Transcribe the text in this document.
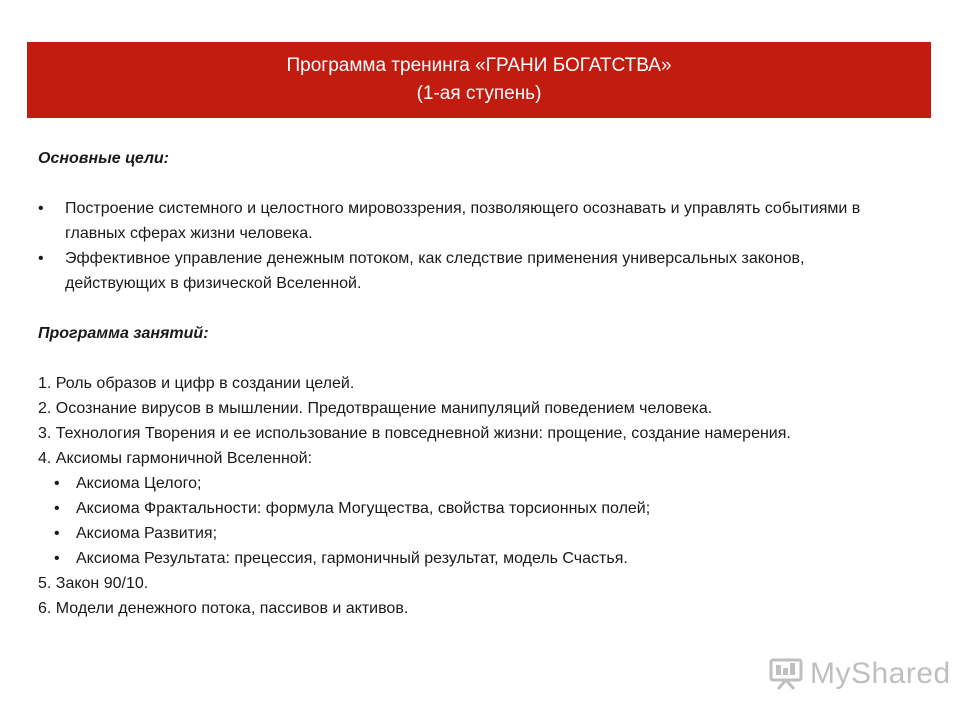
Программа тренинга «ГРАНИ БОГАТСТВА»
(1-ая ступень)
Основные цели:
• Построение системного и целостного мировоззрения, позволяющего осознавать и управлять событиями в главных сферах жизни человека.
• Эффективное управление денежным потоком, как следствие применения универсальных законов, действующих в физической Вселенной.
Программа занятий:
1. Роль образов и цифр в создании целей.
2. Осознание вирусов в мышлении. Предотвращение манипуляций поведением человека.
3. Технология Творения и ее использование в повседневной жизни: прощение, создание намерения.
4. Аксиомы гармоничной Вселенной:
• Аксиома Целого;
• Аксиома Фрактальности: формула Могущества, свойства торсионных полей;
• Аксиома Развития;
• Аксиома Результата: прецессия, гармоничный результат, модель Счастья.
5. Закон 90/10.
6. Модели денежного потока, пассивов и активов.
MyShared
